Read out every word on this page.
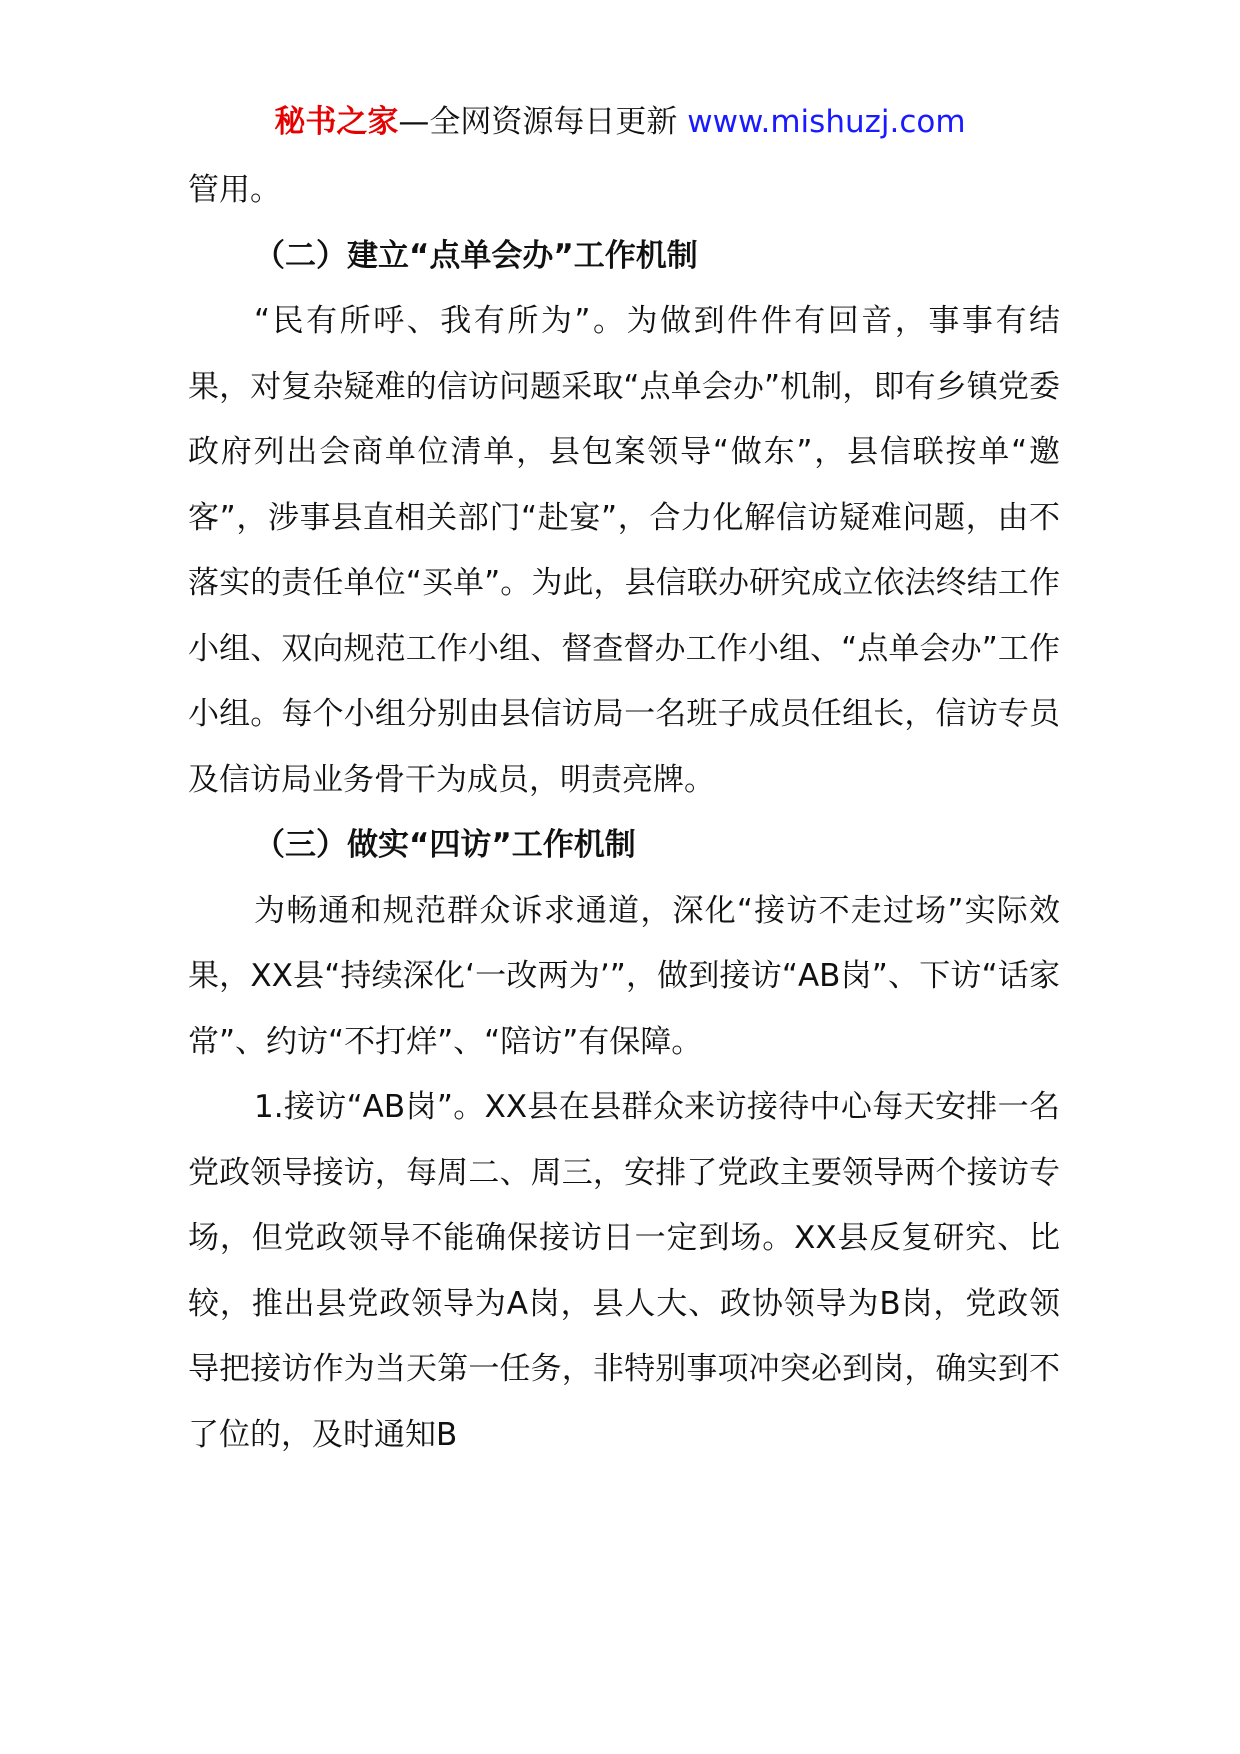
秘书之家—全网资源每日更新 www.mishuzj.com

管用。

（二）建立“点单会办”工作机制

“民有所呼、我有所为”。为做到件件有回音，事事有结果，对复杂疑难的信访问题采取“点单会办”机制，即有乡镇党委政府列出会商单位清单，县包案领导“做东”，县信联按单“邀客”，涉事县直相关部门“赴宴”，合力化解信访疑难问题，由不落实的责任单位“买单”。为此，县信联办研究成立依法终结工作小组、双向规范工作小组、督查督办工作小组、“点单会办”工作小组。每个小组分别由县信访局一名班子成员任组长，信访专员及信访局业务骨干为成员，明责亮牌。

（三）做实“四访”工作机制

为畅通和规范群众诉求通道，深化“接访不走过场”实际效果，XX县“持续深化‘一改两为’”，做到接访“AB岗”、下访“话家常”、约访“不打烊”、“陪访”有保障。

1.接访“AB岗”。XX县在县群众来访接待中心每天安排一名党政领导接访，每周二、周三，安排了党政主要领导两个接访专场，但党政领导不能确保接访日一定到场。XX县反复研究、比较，推出县党政领导为A岗，县人大、政协领导为B岗，党政领导把接访作为当天第一任务，非特别事项冲突必到岗，确实到不了位的，及时通知B
